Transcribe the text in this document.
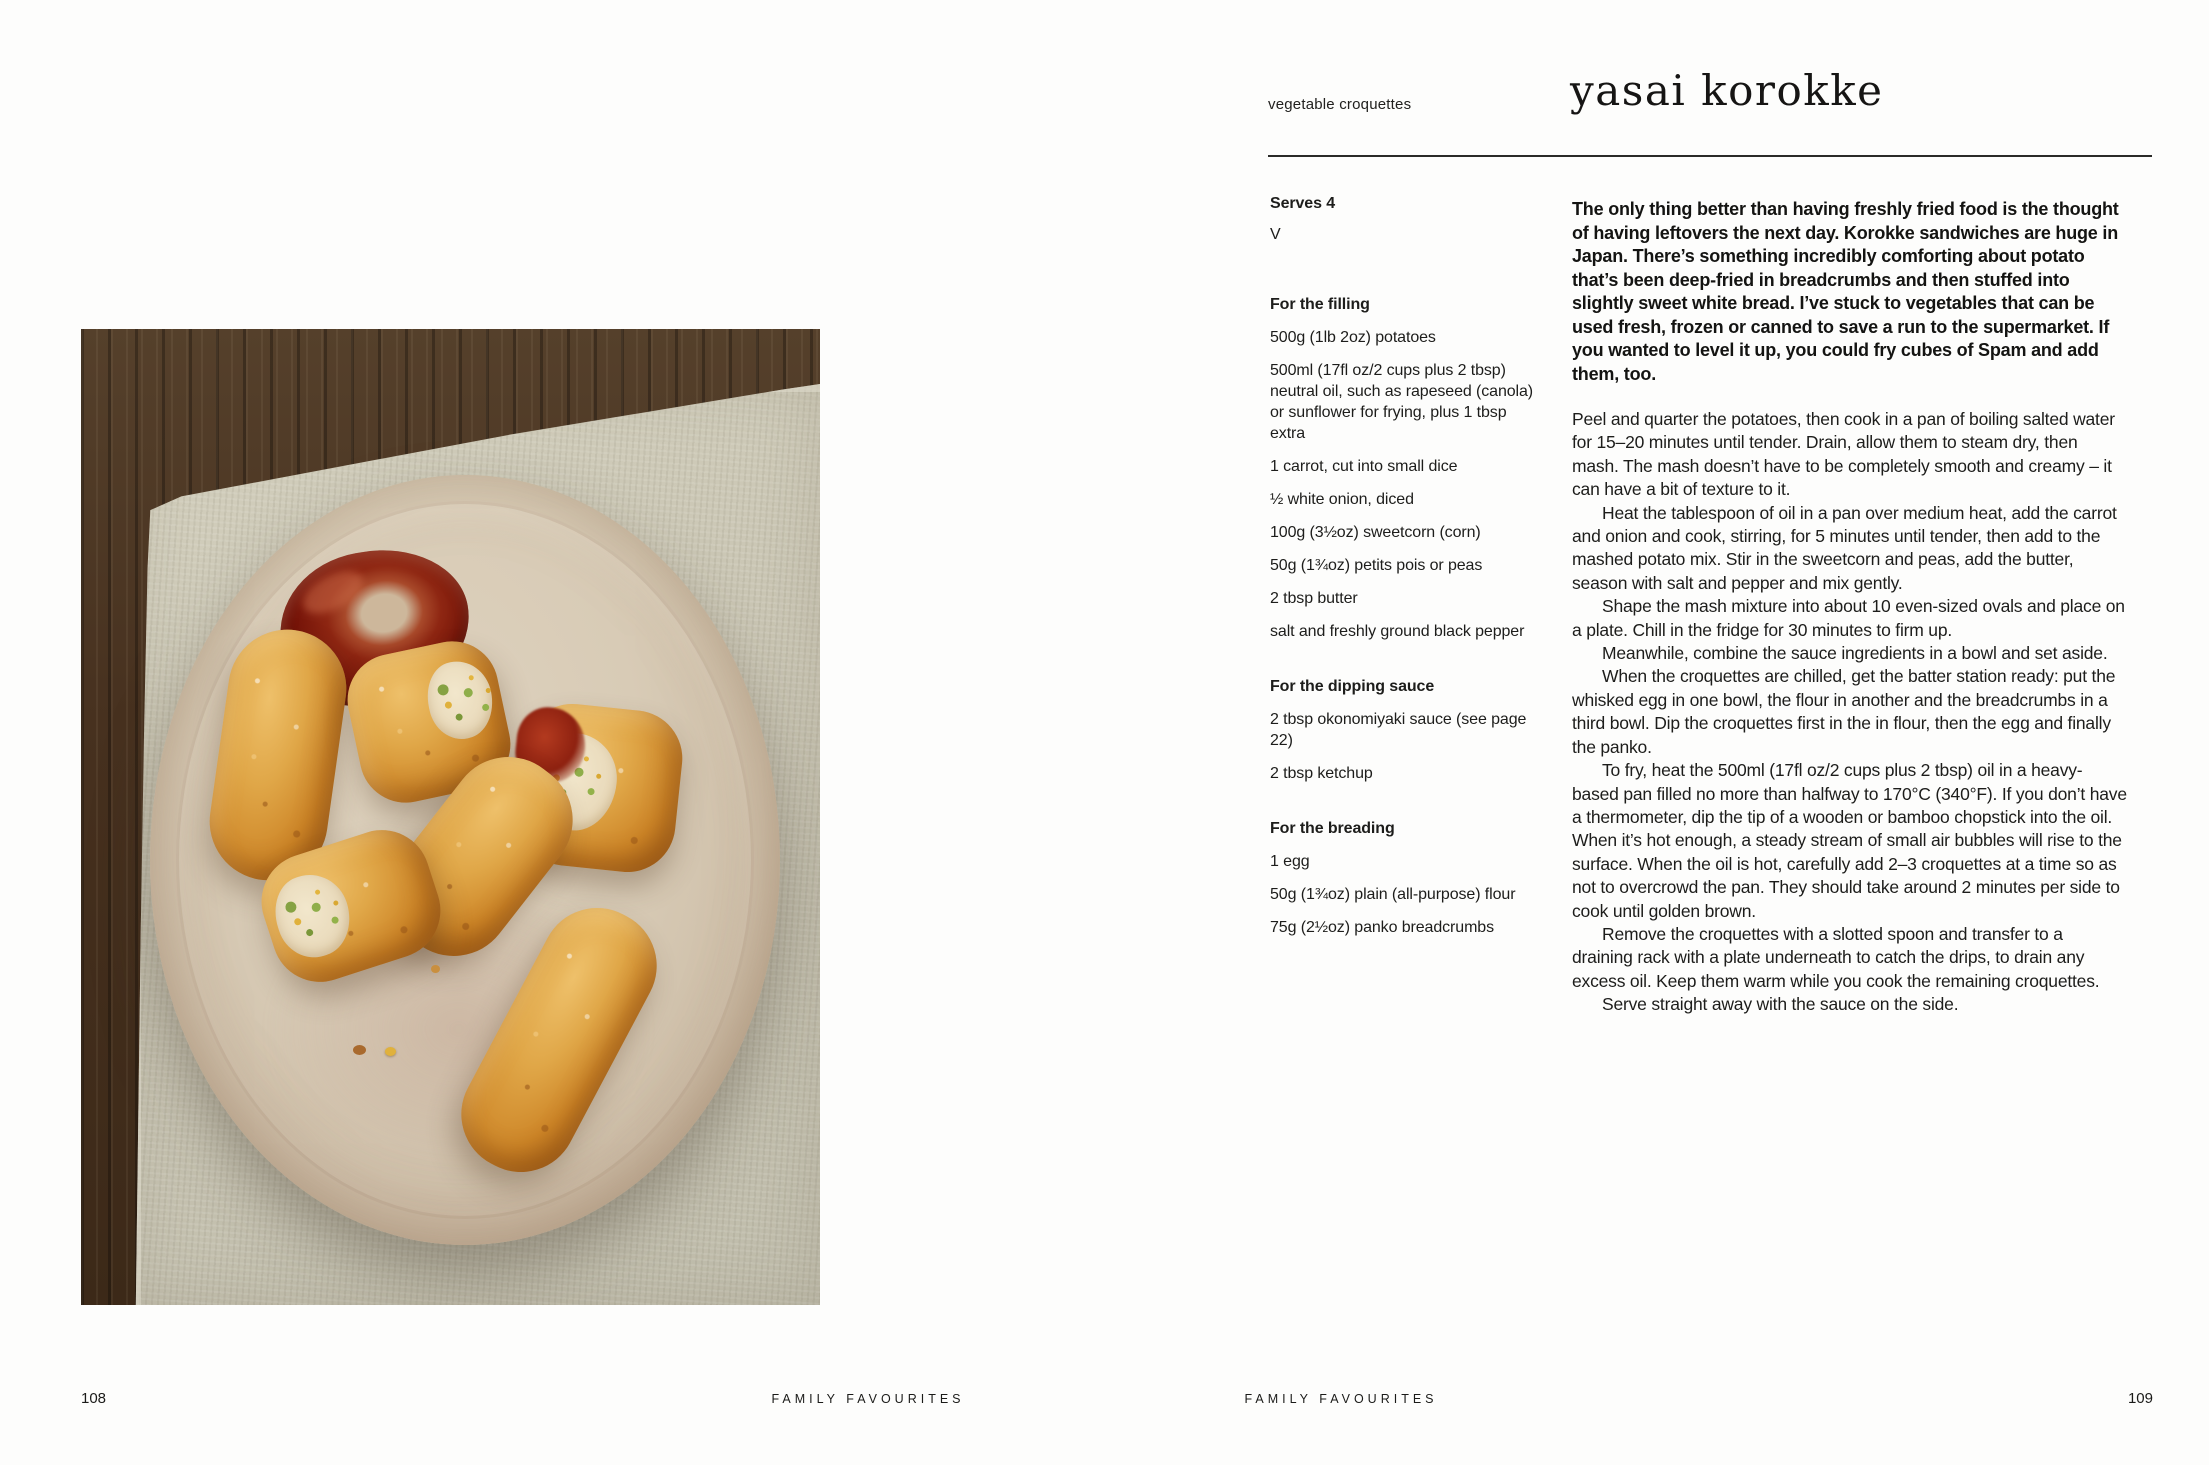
108	FAMILY FAVOURITES
vegetable croquettes	yasai korokke

Serves 4

V

For the filling

500g (1lb 2oz) potatoes

500ml (17fl oz/2 cups plus 2 tbsp) neutral oil, such as rapeseed (canola) or sunflower for frying, plus 1 tbsp extra

1 carrot, cut into small dice

½ white onion, diced

100g (3½oz) sweetcorn (corn)

50g (1¾oz) petits pois or peas

2 tbsp butter

salt and freshly ground black pepper

For the dipping sauce

2 tbsp okonomiyaki sauce (see page 22)

2 tbsp ketchup

For the breading

1 egg

50g (1¾oz) plain (all-purpose) flour

75g (2½oz) panko breadcrumbs

The only thing better than having freshly fried food is the thought of having leftovers the next day. Korokke sandwiches are huge in Japan. There’s something incredibly comforting about potato that’s been deep-fried in breadcrumbs and then stuffed into slightly sweet white bread. I’ve stuck to vegetables that can be used fresh, frozen or canned to save a run to the supermarket. If you wanted to level it up, you could fry cubes of Spam and add them, too.

Peel and quarter the potatoes, then cook in a pan of boiling salted water for 15–20 minutes until tender. Drain, allow them to steam dry, then mash. The mash doesn’t have to be completely smooth and creamy – it can have a bit of texture to it.

Heat the tablespoon of oil in a pan over medium heat, add the carrot and onion and cook, stirring, for 5 minutes until tender, then add to the mashed potato mix. Stir in the sweetcorn and peas, add the butter, season with salt and pepper and mix gently.

Shape the mash mixture into about 10 even-sized ovals and place on a plate. Chill in the fridge for 30 minutes to firm up.

Meanwhile, combine the sauce ingredients in a bowl and set aside.

When the croquettes are chilled, get the batter station ready: put the whisked egg in one bowl, the flour in another and the breadcrumbs in a third bowl. Dip the croquettes first in the in flour, then the egg and finally the panko.

To fry, heat the 500ml (17fl oz/2 cups plus 2 tbsp) oil in a heavy-based pan filled no more than halfway to 170°C (340°F). If you don’t have a thermometer, dip the tip of a wooden or bamboo chopstick into the oil. When it’s hot enough, a steady stream of small air bubbles will rise to the surface. When the oil is hot, carefully add 2–3 croquettes at a time so as not to overcrowd the pan. They should take around 2 minutes per side to cook until golden brown.

Remove the croquettes with a slotted spoon and transfer to a draining rack with a plate underneath to catch the drips, to drain any excess oil. Keep them warm while you cook the remaining croquettes.

Serve straight away with the sauce on the side.

FAMILY FAVOURITES	109
